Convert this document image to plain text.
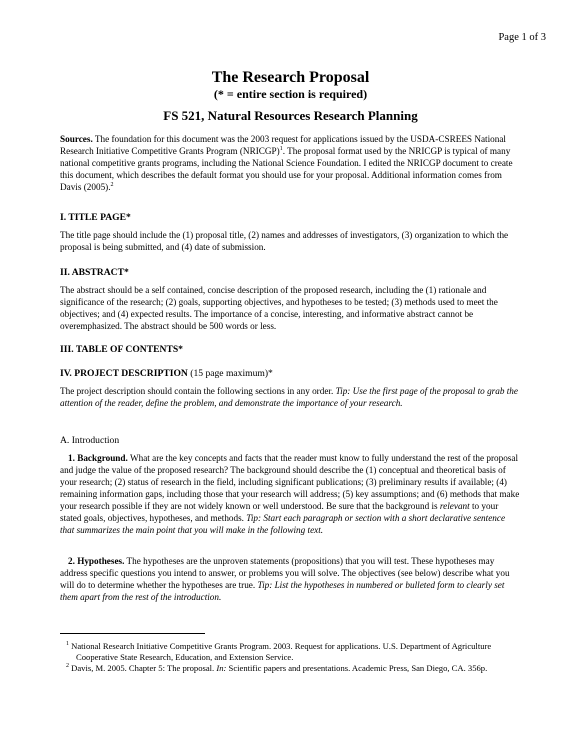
Page 1 of 3
The Research Proposal
(* = entire section is required)
FS 521, Natural Resources Research Planning
Sources. The foundation for this document was the 2003 request for applications issued by the USDA-CSREES National Research Initiative Competitive Grants Program (NRICGP)$^1$. The proposal format used by the NRICGP is typical of many national competitive grants programs, including the National Science Foundation. I edited the NRICGP document to create this document, which describes the default format you should use for your proposal. Additional information comes from Davis (2005).$^2$
I. TITLE PAGE*
The title page should include the (1) proposal title, (2) names and addresses of investigators, (3) organization to which the proposal is being submitted, and (4) date of submission.
II. ABSTRACT*
The abstract should be a self contained, concise description of the proposed research, including the (1) rationale and significance of the research; (2) goals, supporting objectives, and hypotheses to be tested; (3) methods used to meet the objectives; and (4) expected results. The importance of a concise, interesting, and informative abstract cannot be overemphasized. The abstract should be 500 words or less.
III. TABLE OF CONTENTS*
IV. PROJECT DESCRIPTION (15 page maximum)*
The project description should contain the following sections in any order. Tip: Use the first page of the proposal to grab the attention of the reader, define the problem, and demonstrate the importance of your research.
A. Introduction
1. Background. What are the key concepts and facts that the reader must know to fully understand the rest of the proposal and judge the value of the proposed research? The background should describe the (1) conceptual and theoretical basis of your research; (2) status of research in the field, including significant publications; (3) preliminary results if available; (4) remaining information gaps, including those that your research will address; (5) key assumptions; and (6) methods that make your research possible if they are not widely known or well understood. Be sure that the background is relevant to your stated goals, objectives, hypotheses, and methods. Tip: Start each paragraph or section with a short declarative sentence that summarizes the main point that you will make in the following text.
2. Hypotheses. The hypotheses are the unproven statements (propositions) that you will test. These hypotheses may address specific questions you intend to answer, or problems you will solve. The objectives (see below) describe what you will do to determine whether the hypotheses are true. Tip: List the hypotheses in numbered or bulleted form to clearly set them apart from the rest of the introduction.
$^1$ National Research Initiative Competitive Grants Program. 2003. Request for applications. U.S. Department of Agriculture Cooperative State Research, Education, and Extension Service.
$^2$ Davis, M. 2005. Chapter 5: The proposal. In: Scientific papers and presentations. Academic Press, San Diego, CA. 356p.
